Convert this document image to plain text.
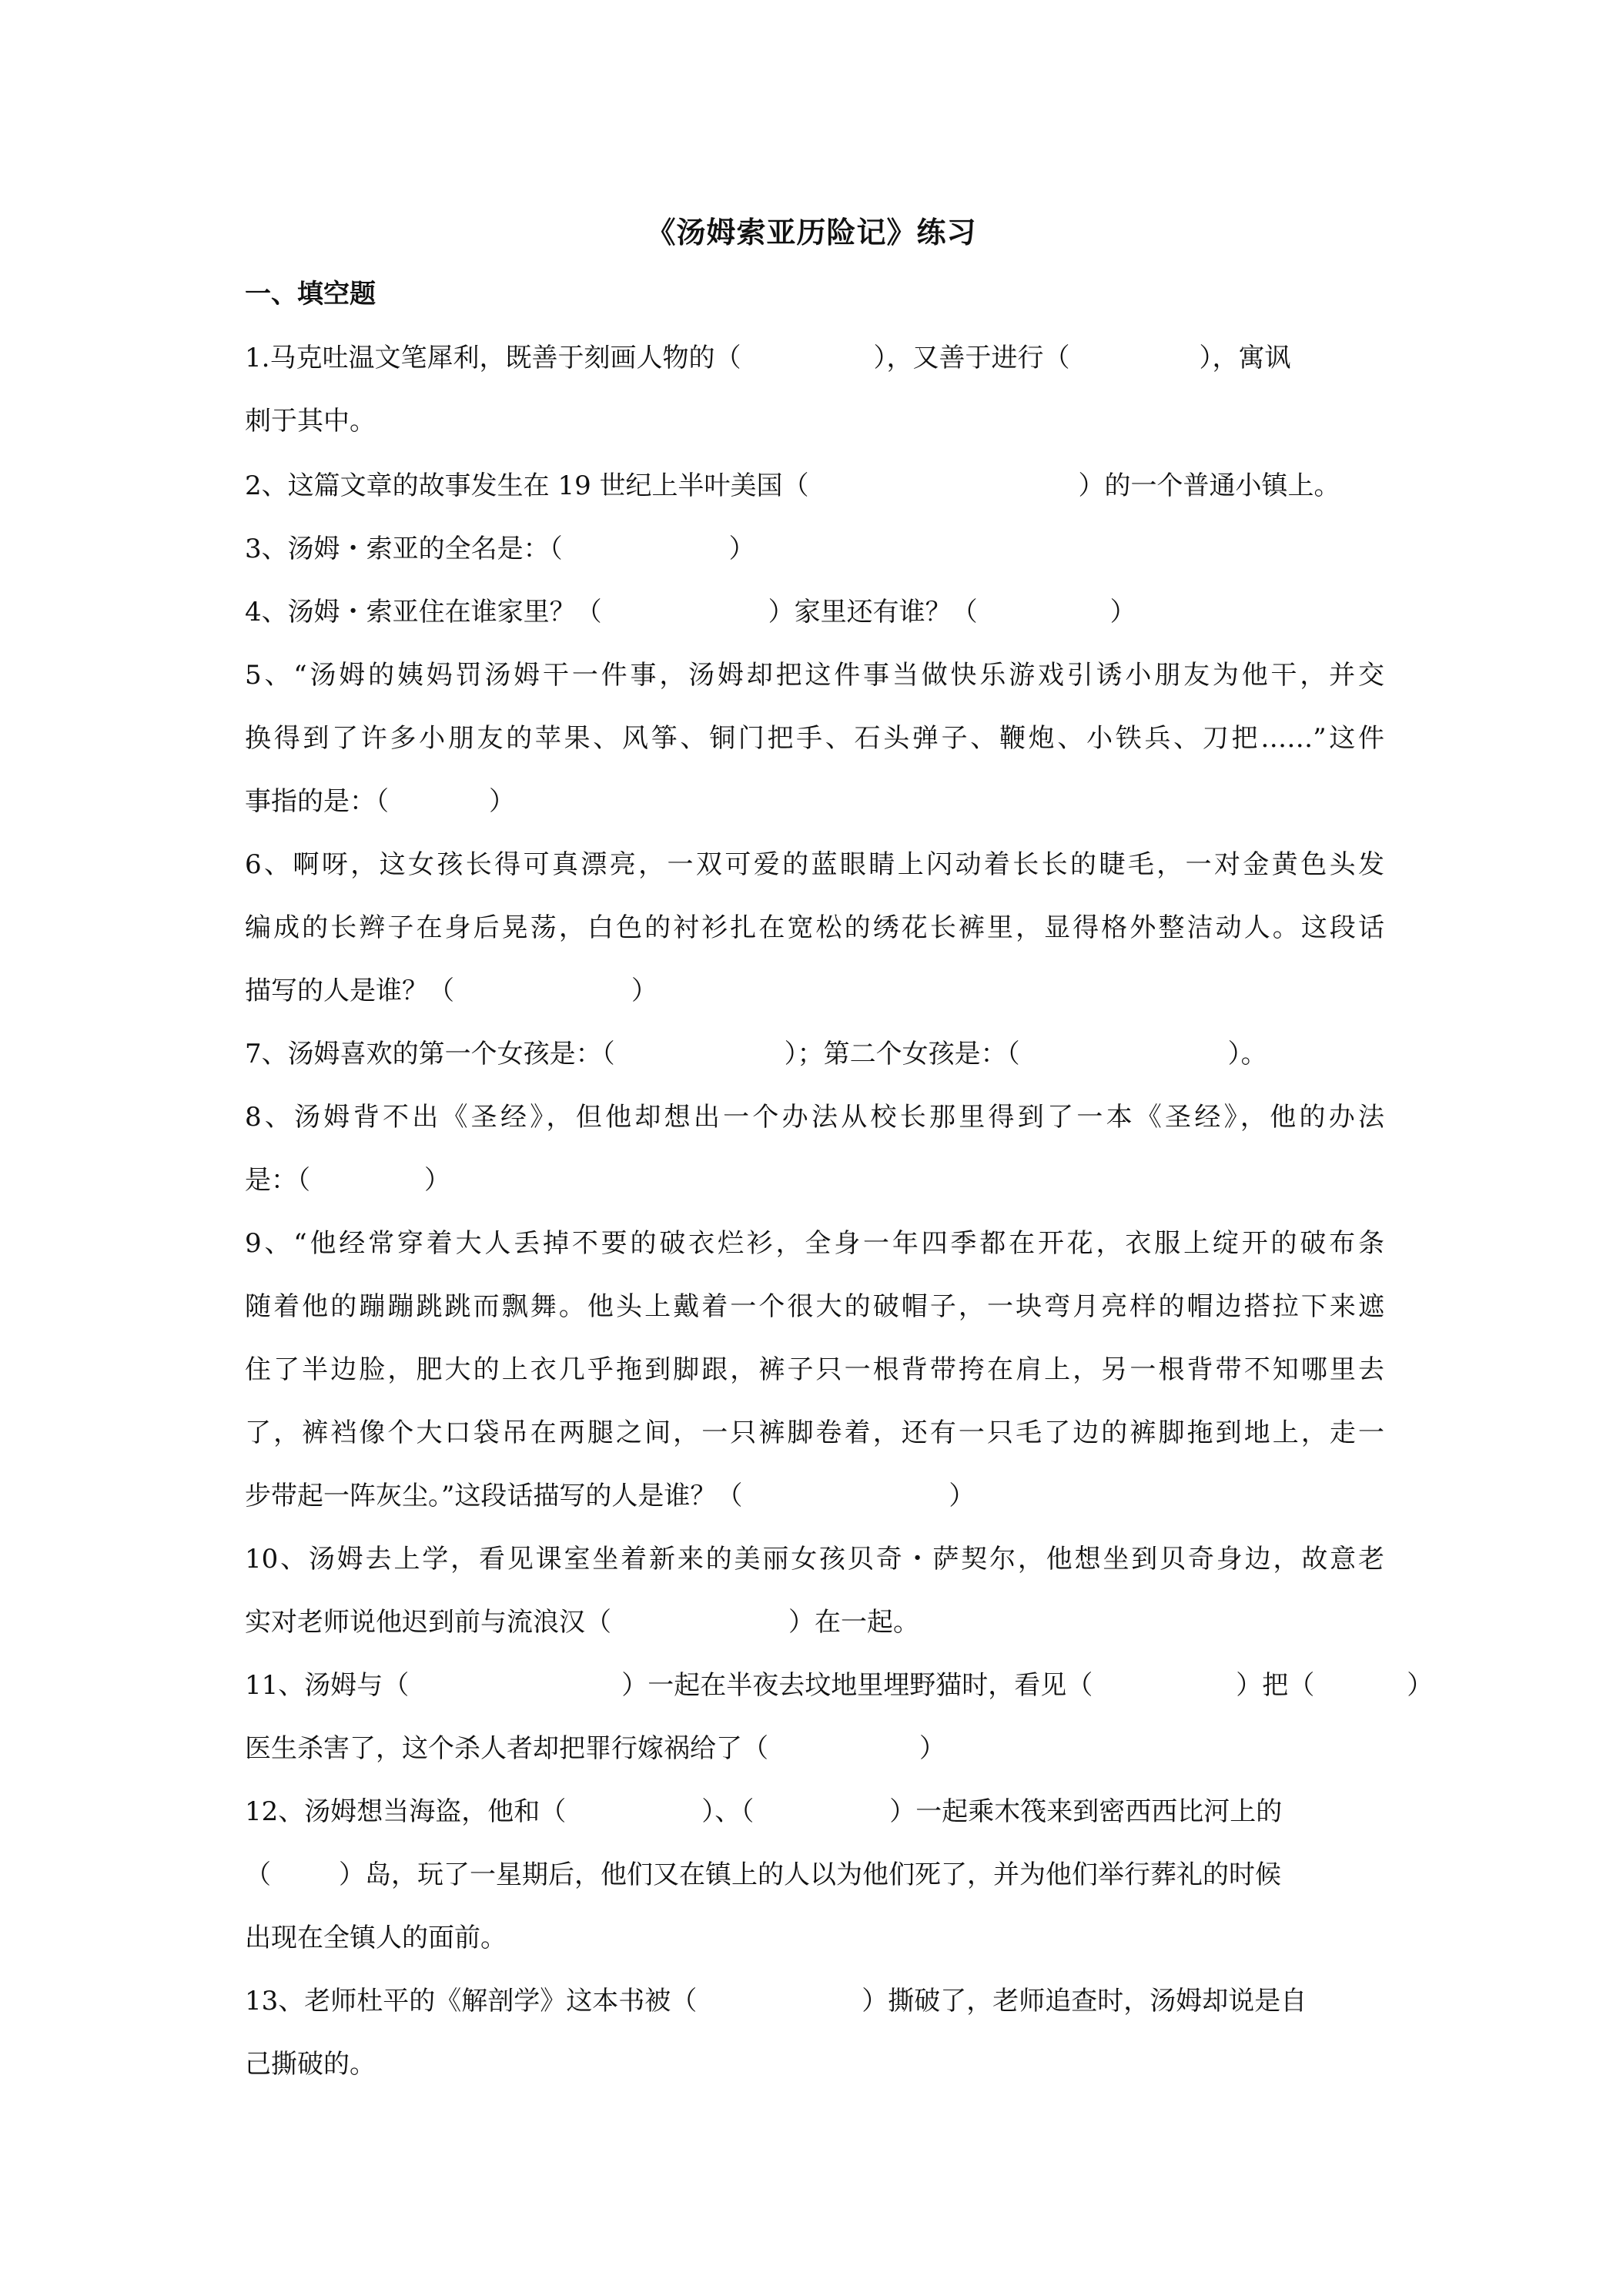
《汤姆索亚历险记》练习
一、填空题
1.马克吐温文笔犀利，既善于刻画人物的（	），又善于进行（	），寓讽
刺于其中。
2、这篇文章的故事发生在 19 世纪上半叶美国（	）的一个普通小镇上。
3、汤姆・索亚的全名是：（	）
4、汤姆・索亚住在谁家里？（	）家里还有谁？（	）
5、“汤姆的姨妈罚汤姆干一件事，汤姆却把这件事当做快乐游戏引诱小朋友为他干，并交
换得到了许多小朋友的苹果、风筝、铜门把手、石头弹子、鞭炮、小铁兵、刀把……”这件
事指的是：（	）
6、啊呀，这女孩长得可真漂亮，一双可爱的蓝眼睛上闪动着长长的睫毛，一对金黄色头发
编成的长辫子在身后晃荡，白色的衬衫扎在宽松的绣花长裤里，显得格外整洁动人。这段话
描写的人是谁？（	）
7、汤姆喜欢的第一个女孩是：（	）；第二个女孩是：（	）。
8、汤姆背不出《圣经》，但他却想出一个办法从校长那里得到了一本《圣经》，他的办法
是：（	）
9、“他经常穿着大人丢掉不要的破衣烂衫，全身一年四季都在开花，衣服上绽开的破布条
随着他的蹦蹦跳跳而飘舞。他头上戴着一个很大的破帽子，一块弯月亮样的帽边搭拉下来遮
住了半边脸，肥大的上衣几乎拖到脚跟，裤子只一根背带挎在肩上，另一根背带不知哪里去
了，裤裆像个大口袋吊在两腿之间，一只裤脚卷着，还有一只毛了边的裤脚拖到地上，走一
步带起一阵灰尘。”这段话描写的人是谁？（	）
10、汤姆去上学，看见课室坐着新来的美丽女孩贝奇・萨契尔，他想坐到贝奇身边，故意老
实对老师说他迟到前与流浪汉（	）在一起。
11、汤姆与（	）一起在半夜去坟地里埋野猫时，看见（	）把（	）
医生杀害了，这个杀人者却把罪行嫁祸给了（	）
12、汤姆想当海盗，他和（	）、（	）一起乘木筏来到密西西比河上的
（	）岛，玩了一星期后，他们又在镇上的人以为他们死了，并为他们举行葬礼的时候
出现在全镇人的面前。
13、老师杜平的《解剖学》这本书被（	）撕破了，老师追查时，汤姆却说是自
己撕破的。
